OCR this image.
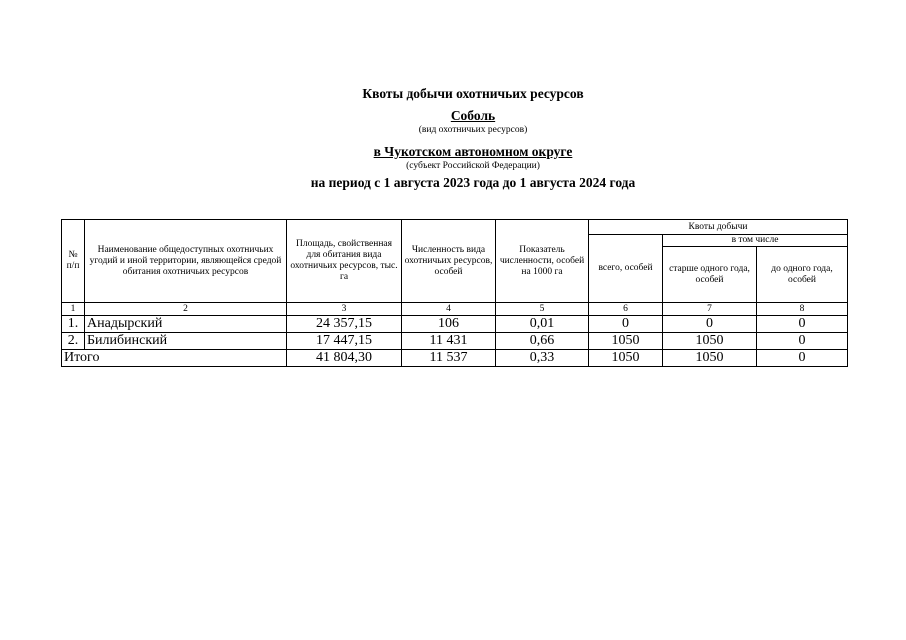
Квоты добычи охотничьих ресурсов
Соболь
(вид охотничьих ресурсов)
в Чукотском автономном округе
(субъект Российской Федерации)
на период с 1 августа 2023 года до 1 августа 2024 года
№ п/п	Наименование общедоступных охотничьих угодий и иной территории, являющейся средой обитания охотничьих ресурсов	Площадь, свойственная для обитания вида охотничьих ресурсов, тыс. га	Численность вида охотничьих ресурсов, особей	Показатель численности, особей на 1000 га	Квоты добычи		
					всего, особей	в том числе	
						старше одного года, особей	до одного года, особей
1	2	3	4	5	6	7	8
1.	Анадырский	24 357,15	106	0,01	0	0	0
2.	Билибинский	17 447,15	11 431	0,66	1050	1050	0
Итого		41 804,30	11 537	0,33	1050	1050	0
